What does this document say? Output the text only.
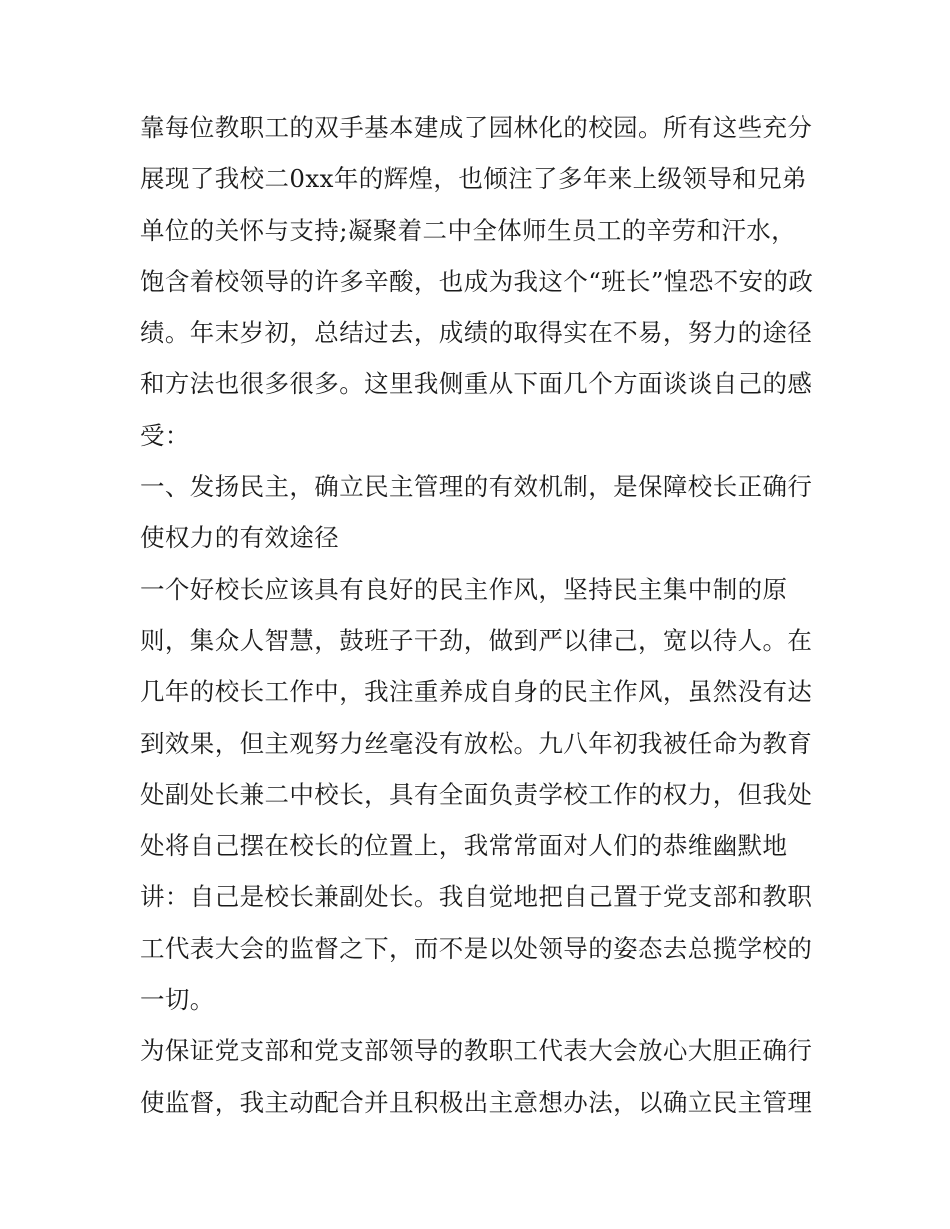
靠每位教职工的双手基本建成了园林化的校园。所有这些充分
展现了我校二0xx年的辉煌，也倾注了多年来上级领导和兄弟
单位的关怀与支持;凝聚着二中全体师生员工的辛劳和汗水，
饱含着校领导的许多辛酸，也成为我这个“班长”惶恐不安的政
绩。年末岁初，总结过去，成绩的取得实在不易，努力的途径
和方法也很多很多。这里我侧重从下面几个方面谈谈自己的感
受：
一、发扬民主，确立民主管理的有效机制，是保障校长正确行
使权力的有效途径
一个好校长应该具有良好的民主作风，坚持民主集中制的原
则，集众人智慧，鼓班子干劲，做到严以律己，宽以待人。在
几年的校长工作中，我注重养成自身的民主作风，虽然没有达
到效果，但主观努力丝毫没有放松。九八年初我被任命为教育
处副处长兼二中校长，具有全面负责学校工作的权力，但我处
处将自己摆在校长的位置上，我常常面对人们的恭维幽默地
讲：自己是校长兼副处长。我自觉地把自己置于党支部和教职
工代表大会的监督之下，而不是以处领导的姿态去总揽学校的
一切。
为保证党支部和党支部领导的教职工代表大会放心大胆正确行
使监督，我主动配合并且积极出主意想办法，以确立民主管理
